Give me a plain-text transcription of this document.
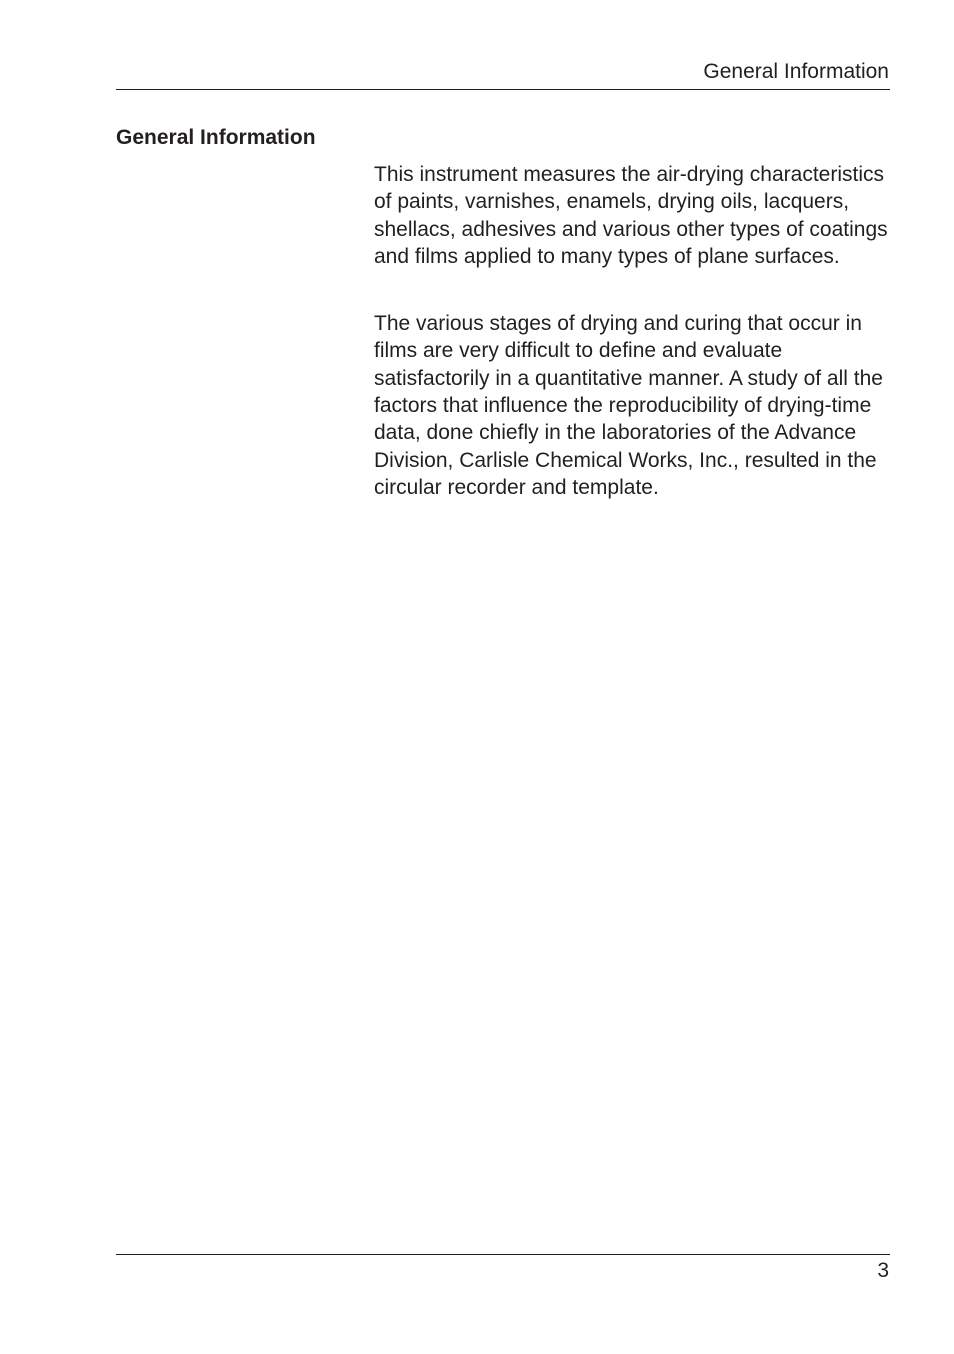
General Information
General Information

This instrument measures the air-drying characteristics of paints, varnishes, enamels, drying oils, lacquers, shellacs, adhesives and various other types of coatings and films applied to many types of plane surfaces.

The various stages of drying and curing that occur in films are very difficult to define and evaluate satisfactorily in a quantitative manner. A study of all the factors that influence the reproducibility of drying-time data, done chiefly in the laboratories of the Advance Division, Carlisle Chemical Works, Inc., resulted in the circular recorder and template.

3
